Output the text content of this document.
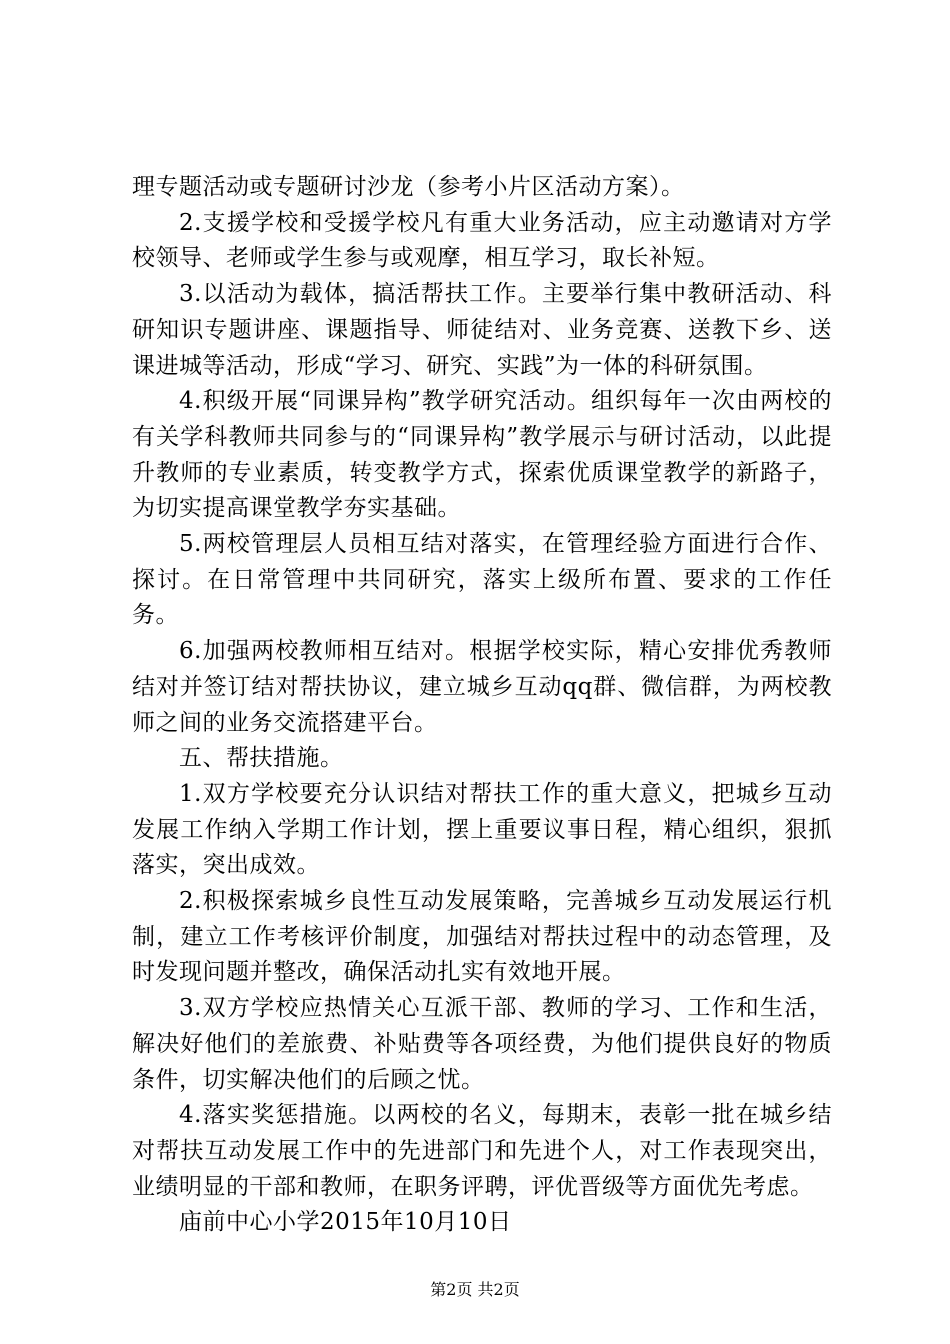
理专题活动或专题研讨沙龙（参考小片区活动方案）。

2.支援学校和受援学校凡有重大业务活动，应主动邀请对方学校领导、老师或学生参与或观摩，相互学习，取长补短。

3.以活动为载体，搞活帮扶工作。主要举行集中教研活动、科研知识专题讲座、课题指导、师徒结对、业务竞赛、送教下乡、送课进城等活动，形成“学习、研究、实践”为一体的科研氛围。

4.积级开展“同课异构”教学研究活动。组织每年一次由两校的有关学科教师共同参与的“同课异构”教学展示与研讨活动，以此提升教师的专业素质，转变教学方式，探索优质课堂教学的新路子，为切实提高课堂教学夯实基础。

5.两校管理层人员相互结对落实，在管理经验方面进行合作、探讨。在日常管理中共同研究，落实上级所布置、要求的工作任务。

6.加强两校教师相互结对。根据学校实际，精心安排优秀教师结对并签订结对帮扶协议，建立城乡互动qq群、微信群，为两校教师之间的业务交流搭建平台。

五、帮扶措施。

1.双方学校要充分认识结对帮扶工作的重大意义，把城乡互动发展工作纳入学期工作计划，摆上重要议事日程，精心组织，狠抓落实，突出成效。

2.积极探索城乡良性互动发展策略，完善城乡互动发展运行机制，建立工作考核评价制度，加强结对帮扶过程中的动态管理，及时发现问题并整改，确保活动扎实有效地开展。

3.双方学校应热情关心互派干部、教师的学习、工作和生活，解决好他们的差旅费、补贴费等各项经费，为他们提供良好的物质条件，切实解决他们的后顾之忧。

4.落实奖惩措施。以两校的名义，每期末，表彰一批在城乡结对帮扶互动发展工作中的先进部门和先进个人，对工作表现突出，业绩明显的干部和教师，在职务评聘，评优晋级等方面优先考虑。

庙前中心小学2015年10月10日

第2页 共2页
